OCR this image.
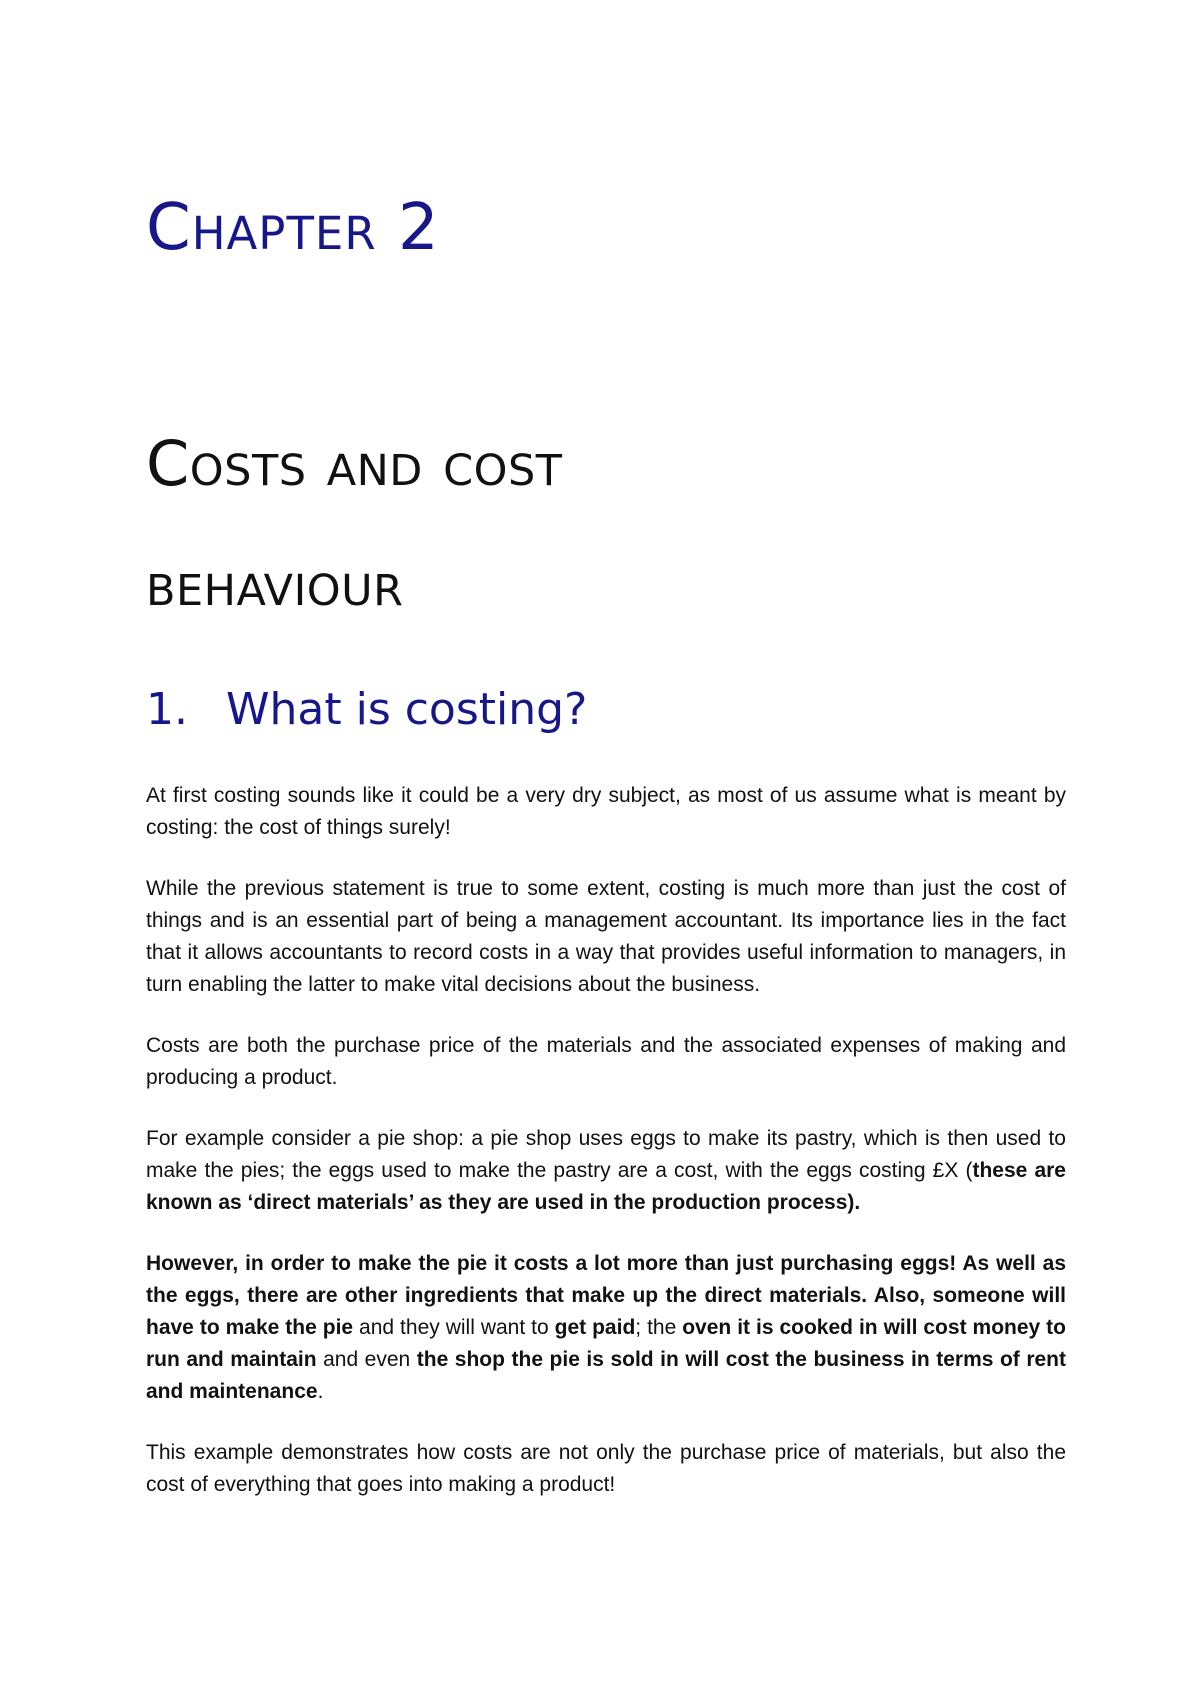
Chapter 2
Costs and cost
behaviour
1. What is costing?

At first costing sounds like it could be a very dry subject, as most of us assume what is meant by costing: the cost of things surely!

While the previous statement is true to some extent, costing is much more than just the cost of things and is an essential part of being a management accountant. Its importance lies in the fact that it allows accountants to record costs in a way that provides useful information to managers, in turn enabling the latter to make vital decisions about the business.

Costs are both the purchase price of the materials and the associated expenses of making and producing a product.

For example consider a pie shop: a pie shop uses eggs to make its pastry, which is then used to make the pies; the eggs used to make the pastry are a cost, with the eggs costing £X (these are known as ‘direct materials’ as they are used in the production process).

However, in order to make the pie it costs a lot more than just purchasing eggs! As well as the eggs, there are other ingredients that make up the direct materials. Also, someone will have to make the pie and they will want to get paid; the oven it is cooked in will cost money to run and maintain and even the shop the pie is sold in will cost the business in terms of rent and maintenance.

This example demonstrates how costs are not only the purchase price of materials, but also the cost of everything that goes into making a product!
